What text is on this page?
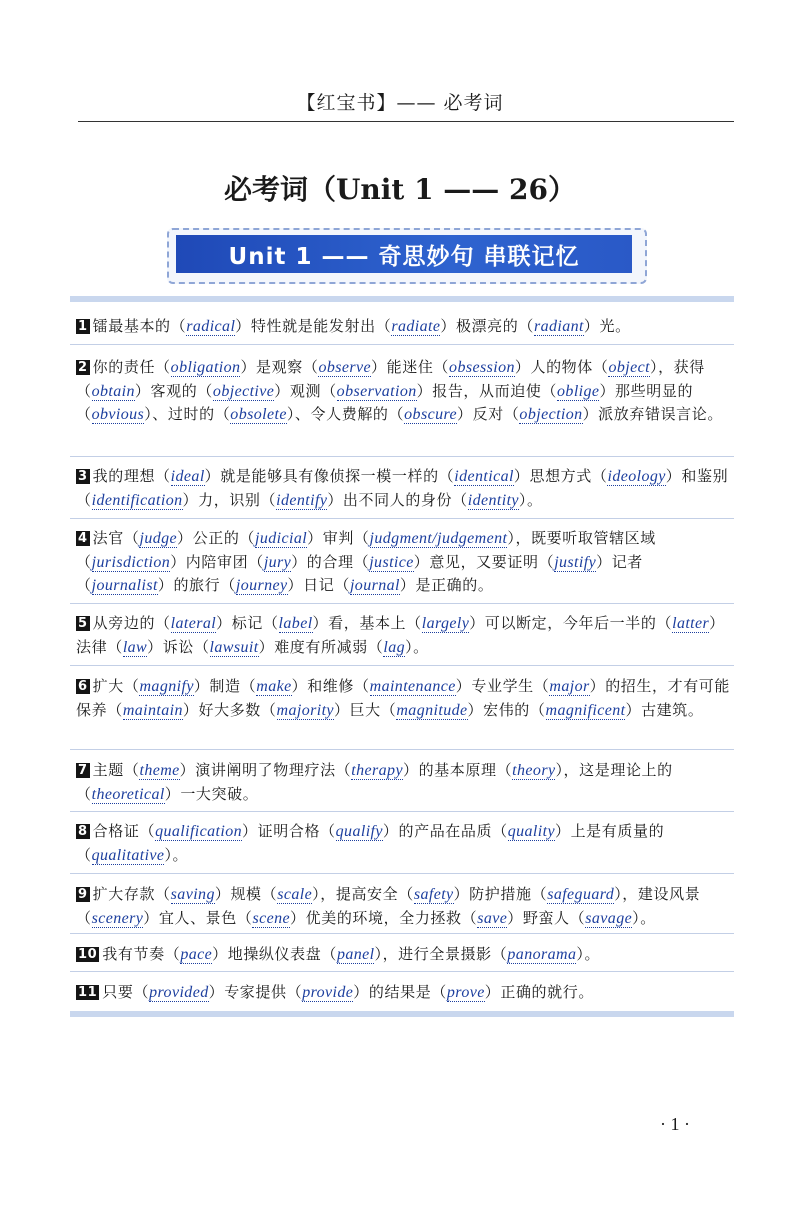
【红宝书】—— 必考词
必考词（Unit 1 —— 26）
Unit 1 —— 奇思妙句 串联记忆
1 镭最基本的（radical）特性就是能发射出（radiate）极漂亮的（radiant）光。
2 你的责任（obligation）是观察（observe）能迷住（obsession）人的物体（object），获得（obtain）客观的（objective）观测（observation）报告，从而迫使（oblige）那些明显的（obvious）、过时的（obsolete）、令人费解的（obscure）反对（objection）派放弃错误言论。
3 我的理想（ideal）就是能够具有像侦探一模一样的（identical）思想方式（ideology）和鉴别（identification）力，识别（identify）出不同人的身份（identity）。
4 法官（judge）公正的（judicial）审判（judgment/judgement），既要听取管辖区域（jurisdiction）内陪审团（jury）的合理（justice）意见，又要证明（justify）记者（journalist）的旅行（journey）日记（journal）是正确的。
5 从旁边的（lateral）标记（label）看，基本上（largely）可以断定，今年后一半的（latter）法律（law）诉讼（lawsuit）难度有所减弱（lag）。
6 扩大（magnify）制造（make）和维修（maintenance）专业学生（major）的招生，才有可能保养（maintain）好大多数（majority）巨大（magnitude）宏伟的（magnificent）古建筑。
7 主题（theme）演讲阐明了物理疗法（therapy）的基本原理（theory），这是理论上的（theoretical）一大突破。
8 合格证（qualification）证明合格（qualify）的产品在品质（quality）上是有质量的（qualitative）。
9 扩大存款（saving）规模（scale），提高安全（safety）防护措施（safeguard），建设风景（scenery）宜人、景色（scene）优美的环境，全力拯救（save）野蛮人（savage）。
10 我有节奏（pace）地操纵仪表盘（panel），进行全景摄影（panorama）。
11 只要（provided）专家提供（provide）的结果是（prove）正确的就行。
· 1 ·
